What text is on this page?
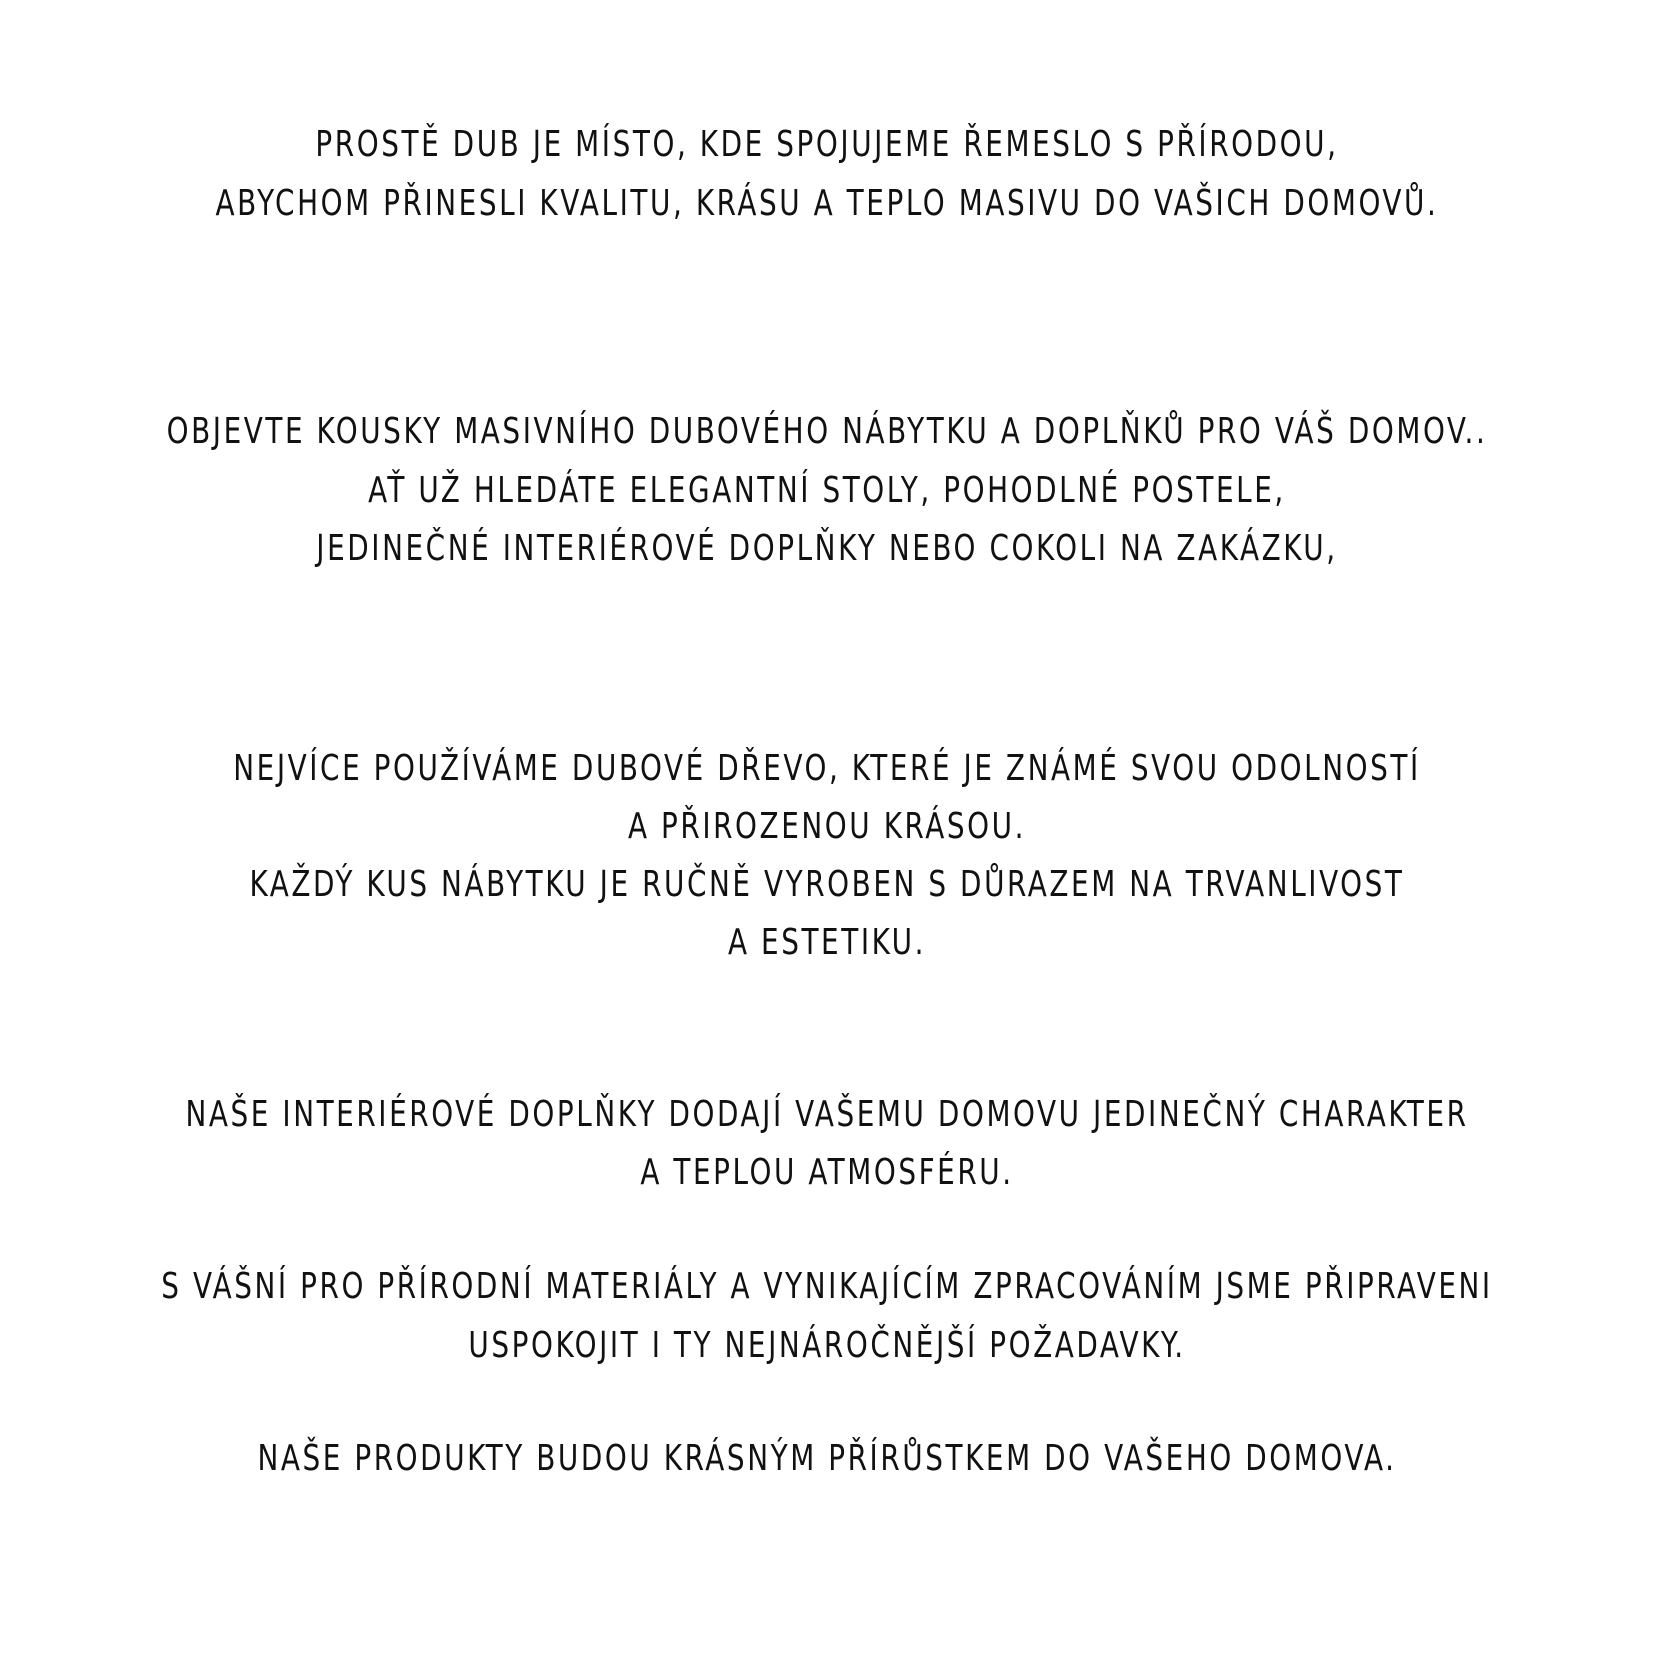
PROSTĚ DUB JE MÍSTO, KDE SPOJUJEME ŘEMESLO S PŘÍRODOU,
ABYCHOM PŘINESLI KVALITU, KRÁSU A TEPLO MASIVU DO VAŠICH DOMOVŮ.
OBJEVTE KOUSKY MASIVNÍHO DUBOVÉHO NÁBYTKU A DOPLŇKŮ PRO VÁŠ DOMOV..
AŤ UŽ HLEDÁTE ELEGANTNÍ STOLY, POHODLNÉ POSTELE,
JEDINEČNÉ INTERIÉROVÉ DOPLŇKY NEBO COKOLI NA ZAKÁZKU,
NEJVÍCE POUŽÍVÁME DUBOVÉ DŘEVO, KTERÉ JE ZNÁMÉ SVOU ODOLNOSTÍ
A PŘIROZENOU KRÁSOU.
KAŽDÝ KUS NÁBYTKU JE RUČNĚ VYROBEN S DŮRAZEM NA TRVANLIVOST
A ESTETIKU.
NAŠE INTERIÉROVÉ DOPLŇKY DODAJÍ VAŠEMU DOMOVU JEDINEČNÝ CHARAKTER
A TEPLOU ATMOSFÉRU.
S VÁŠNÍ PRO PŘÍRODNÍ MATERIÁLY A VYNIKAJÍCÍM ZPRACOVÁNÍM JSME PŘIPRAVENI
USPOKOJIT I TY NEJNÁROČNĚJŠÍ POŽADAVKY.
NAŠE PRODUKTY BUDOU KRÁSNÝM PŘÍRŮSTKEM DO VAŠEHO DOMOVA.
